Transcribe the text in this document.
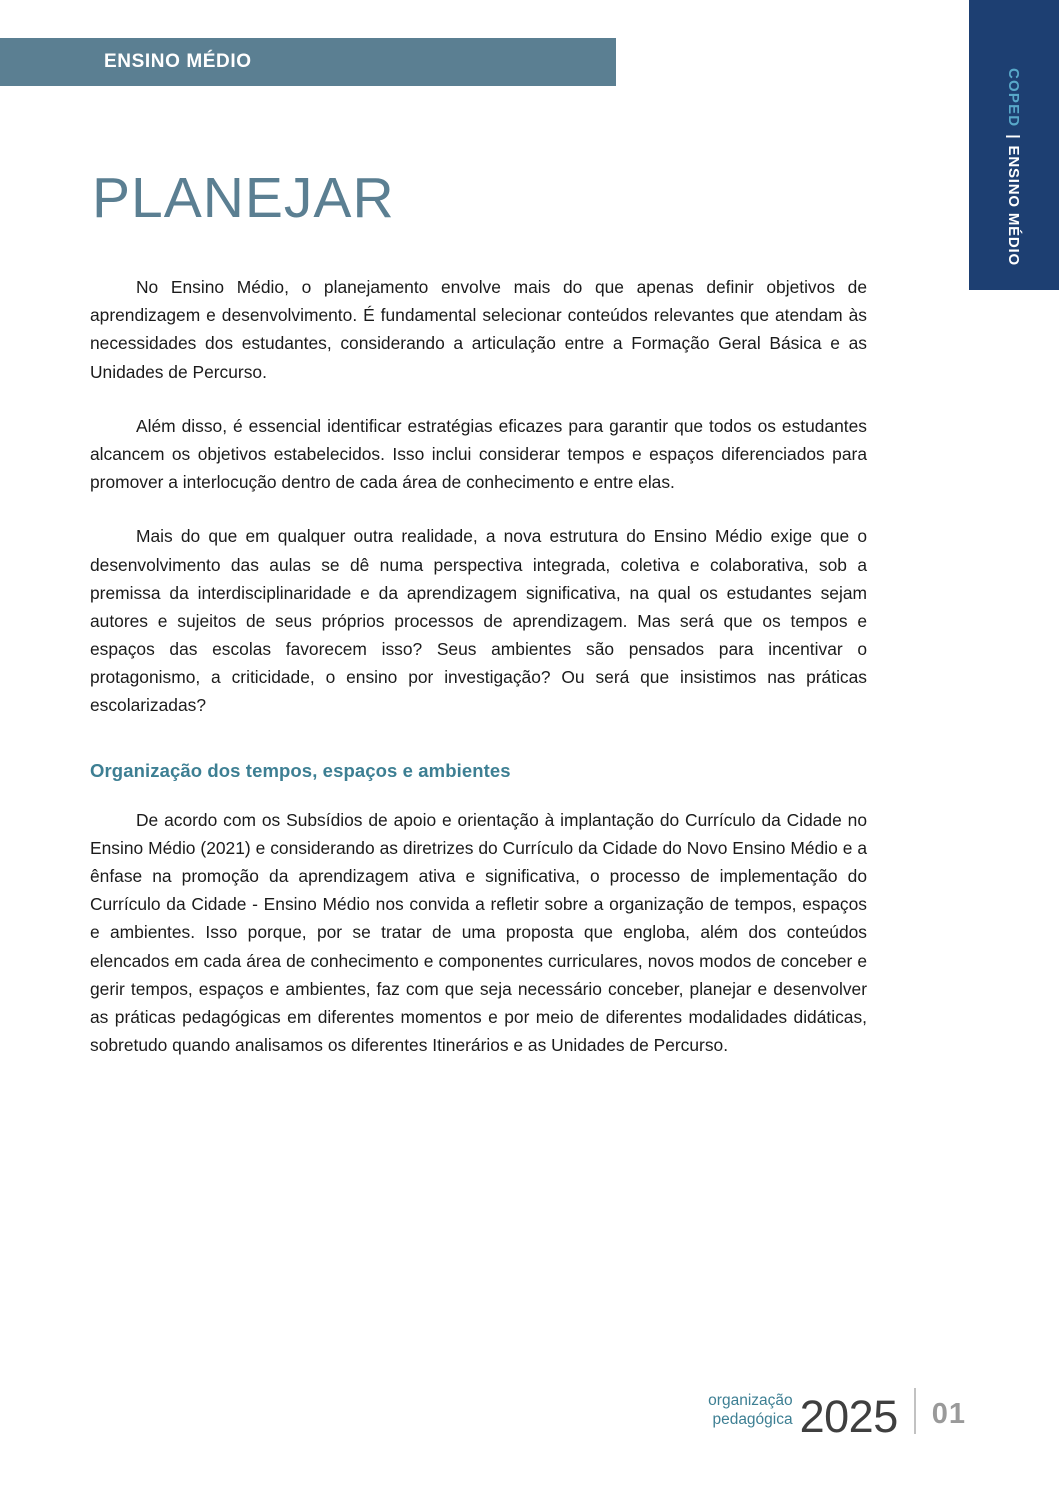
ENSINO MÉDIO
COPED
|
ENSINO MÉDIO
PLANEJAR

No Ensino Médio, o planejamento envolve mais do que apenas definir objetivos de aprendizagem e desenvolvimento. É fundamental selecionar conteúdos relevantes que atendam às necessidades dos estudantes, considerando a articulação entre a Formação Geral Básica e as Unidades de Percurso.

Além disso, é essencial identificar estratégias eficazes para garantir que todos os estudantes alcancem os objetivos estabelecidos. Isso inclui considerar tempos e espaços diferenciados para promover a interlocução dentro de cada área de conhecimento e entre elas.

Mais do que em qualquer outra realidade, a nova estrutura do Ensino Médio exige que o desenvolvimento das aulas se dê numa perspectiva integrada, coletiva e colaborativa, sob a premissa da interdisciplinaridade e da aprendizagem significativa, na qual os estudantes sejam autores e sujeitos de seus próprios processos de aprendizagem. Mas será que os tempos e espaços das escolas favorecem isso? Seus ambientes são pensados para incentivar o protagonismo, a criticidade, o ensino por investigação? Ou será que insistimos nas práticas escolarizadas?

Organização dos tempos, espaços e ambientes

De acordo com os Subsídios de apoio e orientação à implantação do Currículo da Cidade no Ensino Médio (2021) e considerando as diretrizes do Currículo da Cidade do Novo Ensino Médio e a ênfase na promoção da aprendizagem ativa e significativa, o processo de implementação do Currículo da Cidade - Ensino Médio nos convida a refletir sobre a organização de tempos, espaços e ambientes. Isso porque, por se tratar de uma proposta que engloba, além dos conteúdos elencados em cada área de conhecimento e componentes curriculares, novos modos de conceber e gerir tempos, espaços e ambientes, faz com que seja necessário conceber, planejar e desenvolver as práticas pedagógicas em diferentes momentos e por meio de diferentes modalidades didáticas, sobretudo quando analisamos os diferentes Itinerários e as Unidades de Percurso.

organização
pedagógica 2025 01
